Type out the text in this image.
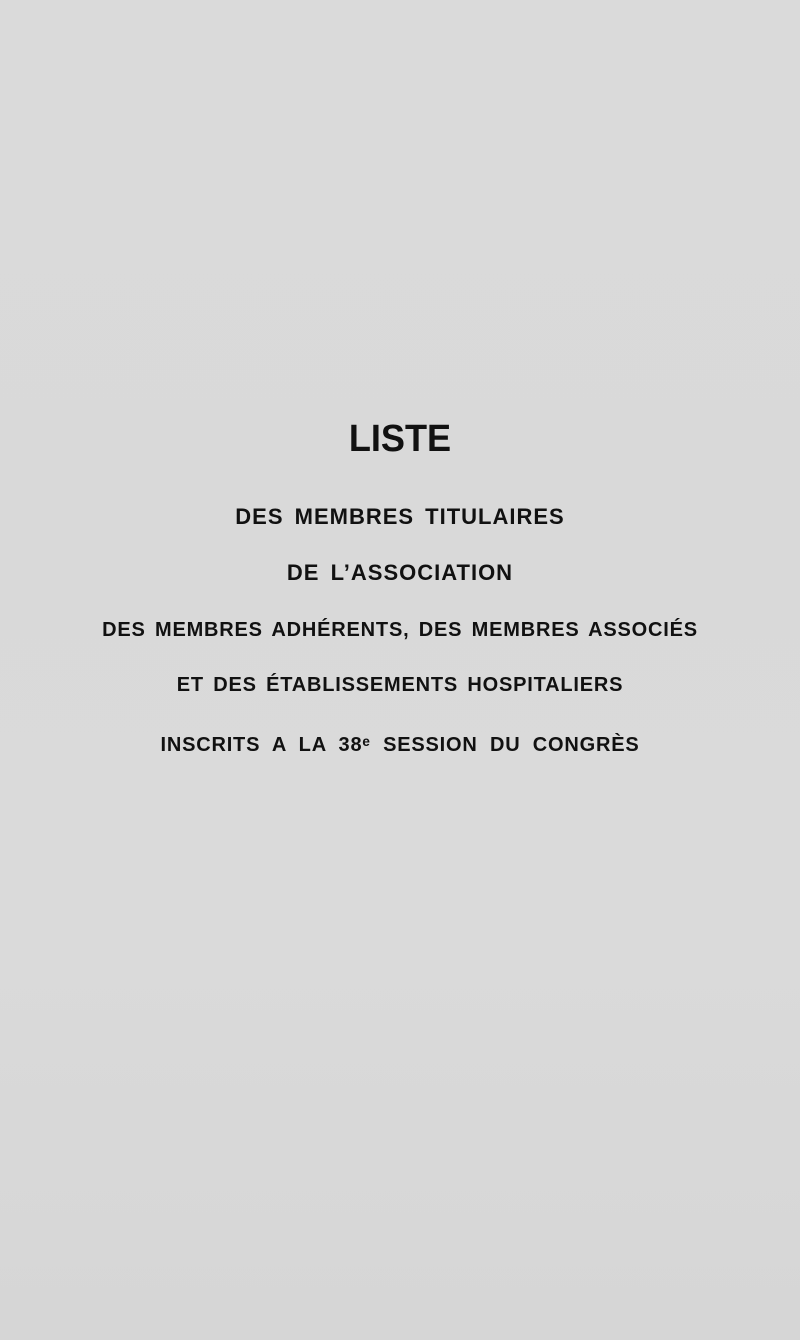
LISTE
DES MEMBRES TITULAIRES
DE L’ASSOCIATION
DES MEMBRES ADHÉRENTS, DES MEMBRES ASSOCIÉS
ET DES ÉTABLISSEMENTS HOSPITALIERS
INSCRITS A LA 38ᵉ SESSION DU CONGRÈS
